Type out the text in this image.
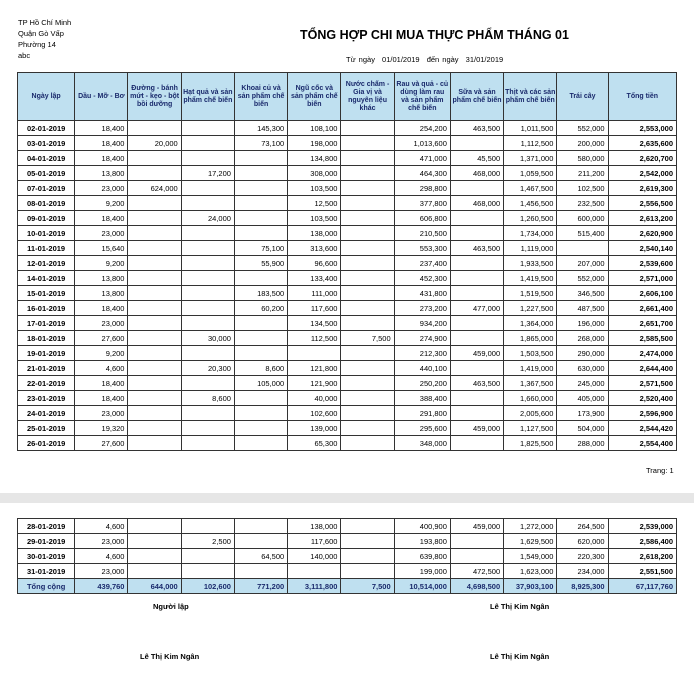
TP Hồ Chí Minh
Quận Gò Vấp
Phường 14
abc
TỔNG HỢP CHI MUA THỰC PHẨM THÁNG 01
Từ ngày 01/01/2019 đến ngày 31/01/2019
Ngày lập	Dầu - Mỡ - Bơ	Đường - bánh mứt - kẹo - bột bồi dưỡng	Hạt quả và sản phẩm chế biến	Khoai củ và sản phẩm chế biến	Ngũ cốc và sản phẩm chế biến	Nước chấm - Gia vị và nguyên liệu khác	Rau và quả - củ dùng làm rau và sản phẩm chế biến	Sữa và sản phẩm chế biến	Thịt và các sản phẩm chế biến	Trái cây	Tổng tiền
02-01-2019	18,400			145,300	108,100		254,200	463,500	1,011,500	552,000	2,553,000
03-01-2019	18,400	20,000		73,100	198,000		1,013,600		1,112,500	200,000	2,635,600
04-01-2019	18,400				134,800		471,000	45,500	1,371,000	580,000	2,620,700
05-01-2019	13,800		17,200		308,000		464,300	468,000	1,059,500	211,200	2,542,000
07-01-2019	23,000	624,000			103,500		298,800		1,467,500	102,500	2,619,300
08-01-2019	9,200				12,500		377,800	468,000	1,456,500	232,500	2,556,500
09-01-2019	18,400		24,000		103,500		606,800		1,260,500	600,000	2,613,200
10-01-2019	23,000				138,000		210,500		1,734,000	515,400	2,620,900
11-01-2019	15,640			75,100	313,600		553,300	463,500	1,119,000		2,540,140
12-01-2019	9,200			55,900	96,600		237,400		1,933,500	207,000	2,539,600
14-01-2019	13,800				133,400		452,300		1,419,500	552,000	2,571,000
15-01-2019	13,800			183,500	111,000		431,800		1,519,500	346,500	2,606,100
16-01-2019	18,400			60,200	117,600		273,200	477,000	1,227,500	487,500	2,661,400
17-01-2019	23,000				134,500		934,200		1,364,000	196,000	2,651,700
18-01-2019	27,600		30,000		112,500	7,500	274,900		1,865,000	268,000	2,585,500
19-01-2019	9,200						212,300	459,000	1,503,500	290,000	2,474,000
21-01-2019	4,600		20,300	8,600	121,800		440,100		1,419,000	630,000	2,644,400
22-01-2019	18,400			105,000	121,900		250,200	463,500	1,367,500	245,000	2,571,500
23-01-2019	18,400		8,600		40,000		388,400		1,660,000	405,000	2,520,400
24-01-2019	23,000				102,600		291,800		2,005,600	173,900	2,596,900
25-01-2019	19,320				139,000		295,600	459,000	1,127,500	504,000	2,544,420
26-01-2019	27,600				65,300		348,000		1,825,500	288,000	2,554,400
Trang: 1
28-01-2019	4,600				138,000		400,900	459,000	1,272,000	264,500	2,539,000
29-01-2019	23,000		2,500		117,600		193,800		1,629,500	620,000	2,586,400
30-01-2019	4,600			64,500	140,000		639,800		1,549,000	220,300	2,618,200
31-01-2019	23,000						199,000	472,500	1,623,000	234,000	2,551,500
Tổng cộng	439,760	644,000	102,600	771,200	3,111,800	7,500	10,514,000	4,698,500	37,903,100	8,925,300	67,117,760
Người lập	Lê Thị Kim Ngân
Lê Thị Kim Ngân	Lê Thị Kim Ngân
